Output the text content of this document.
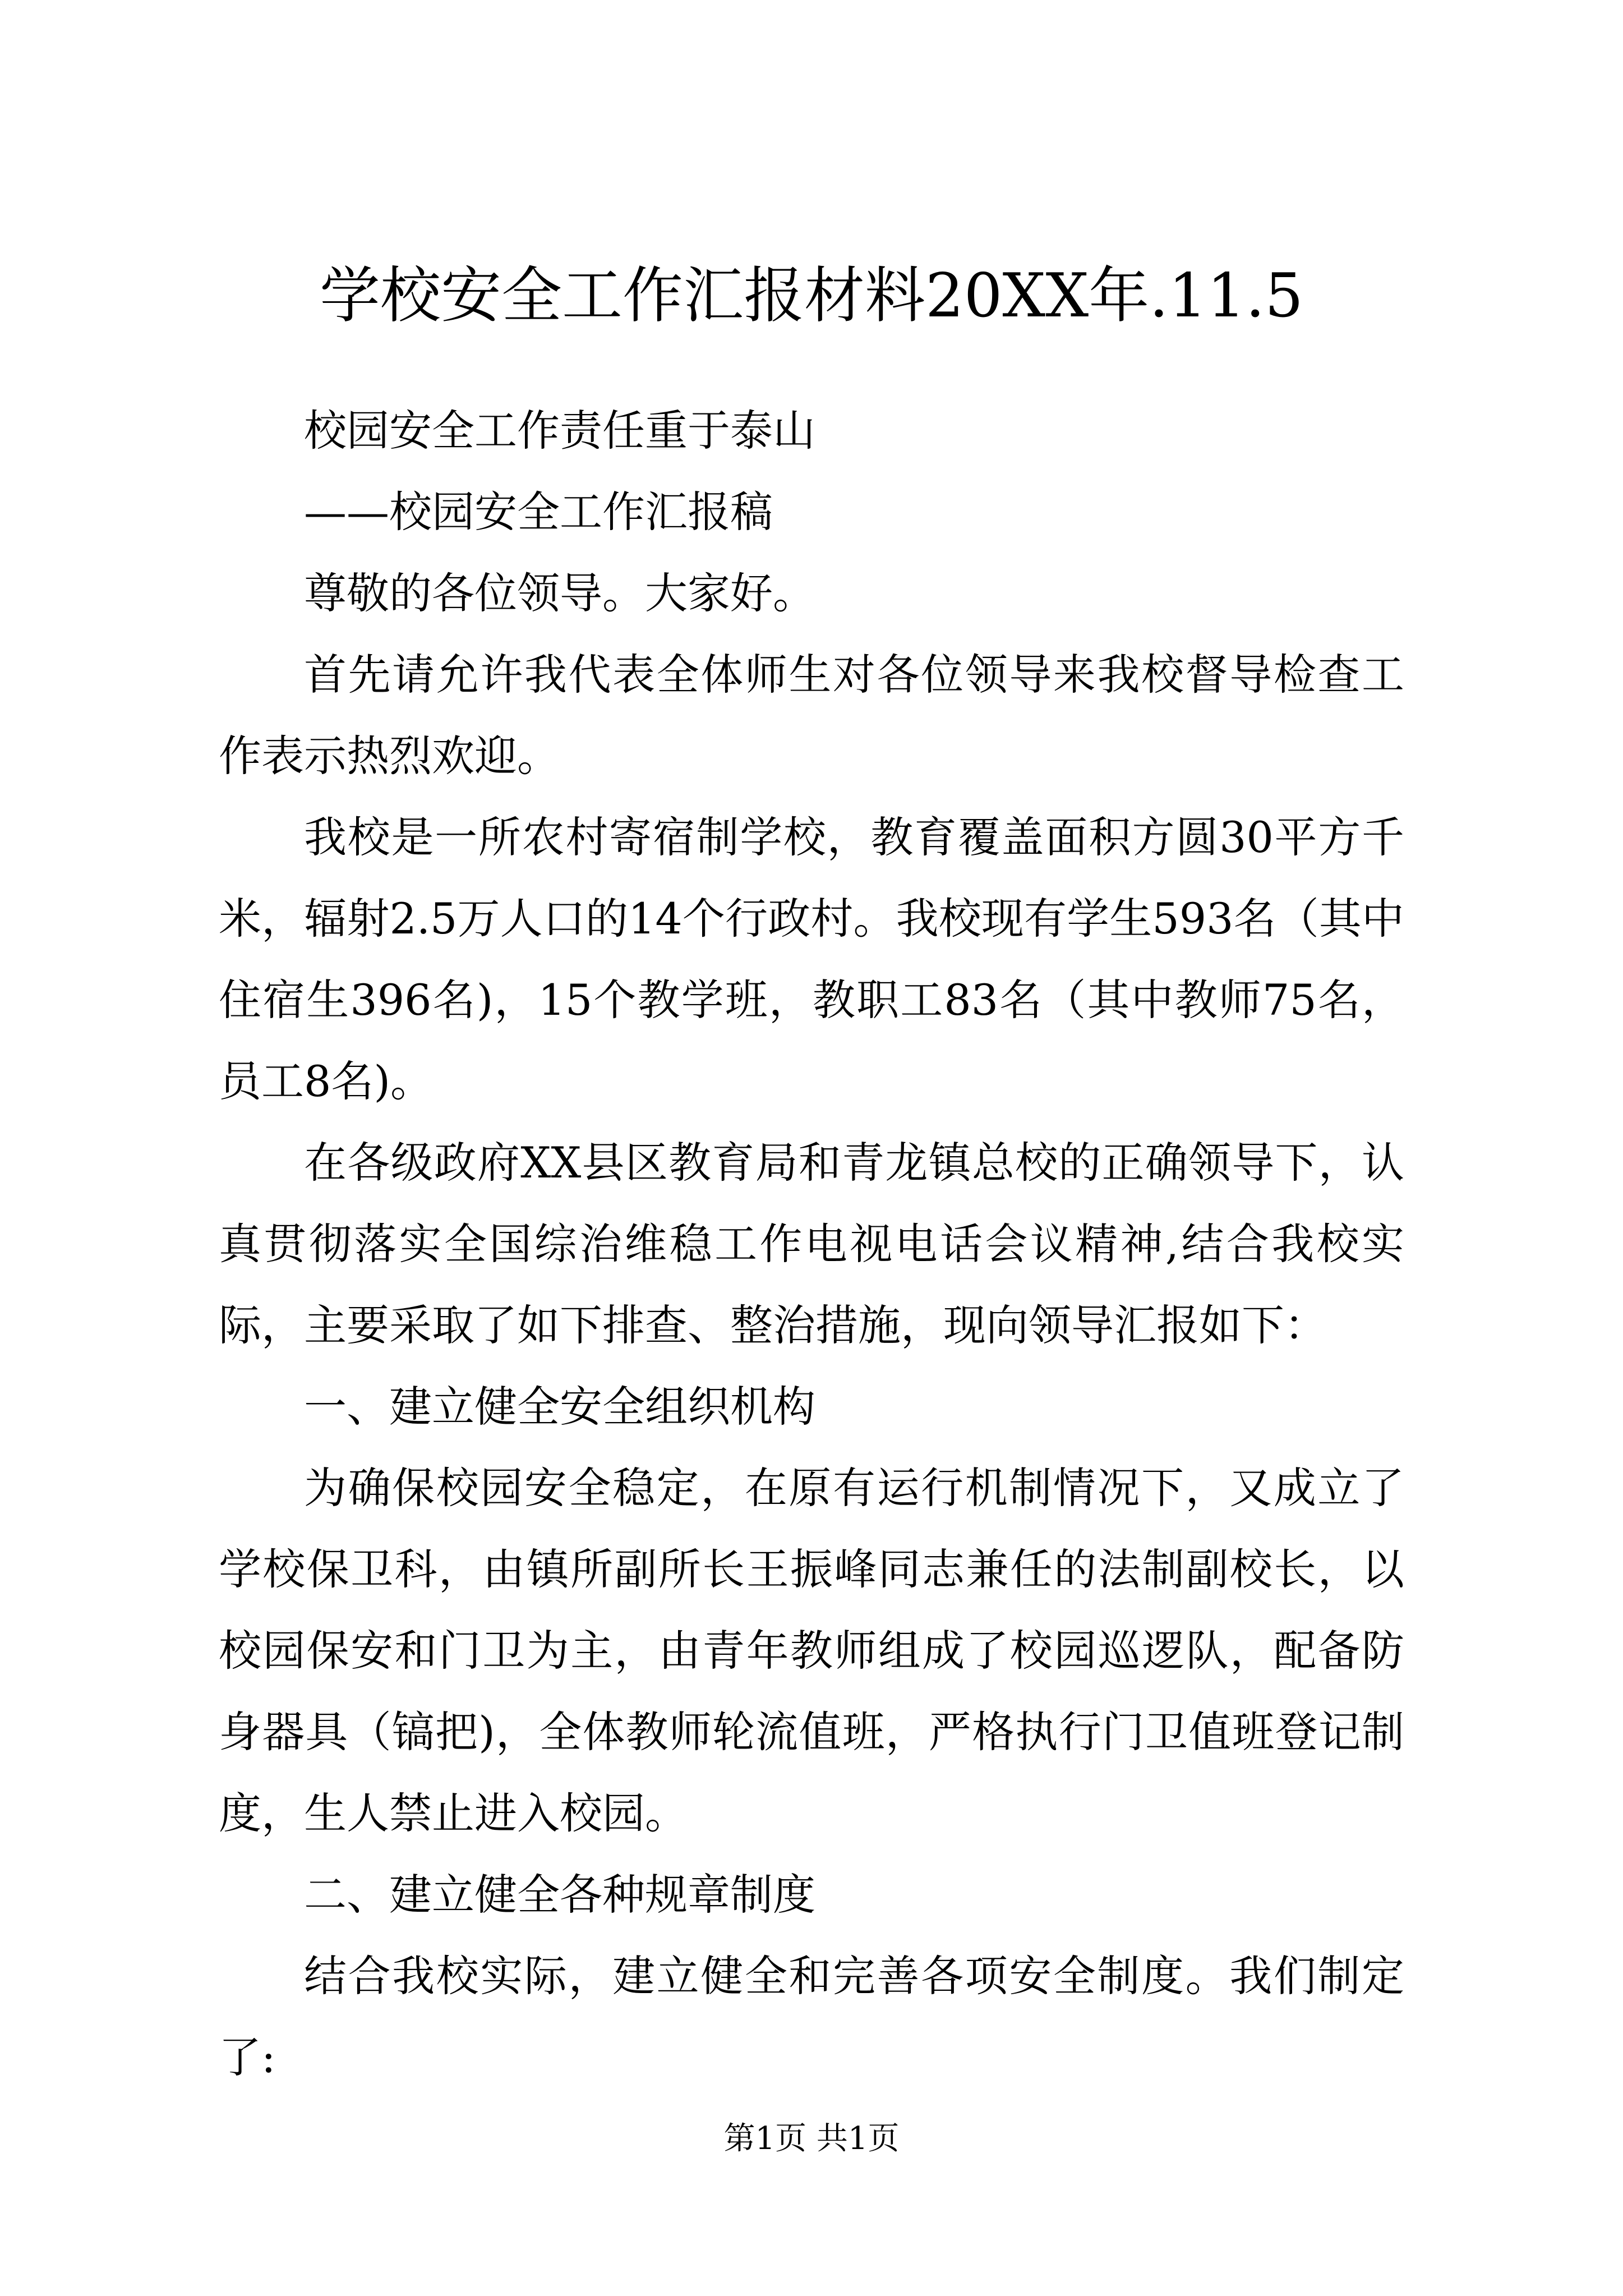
学校安全工作汇报材料20XX年.11.5

校园安全工作责任重于泰山

——校园安全工作汇报稿

尊敬的各位领导。大家好。

首先请允许我代表全体师生对各位领导来我校督导检查工作表示热烈欢迎。

我校是一所农村寄宿制学校，教育覆盖面积方圆30平方千米，辐射2.5万人口的14个行政村。我校现有学生593名（其中住宿生396名)，15个教学班，教职工83名（其中教师75名，员工8名)。

在各级政府XX县区教育局和青龙镇总校的正确领导下，认真贯彻落实全国综治维稳工作电视电话会议精神,结合我校实际，主要采取了如下排查、整治措施，现向领导汇报如下：

一、建立健全安全组织机构

为确保校园安全稳定，在原有运行机制情况下，又成立了学校保卫科，由镇所副所长王振峰同志兼任的法制副校长，以校园保安和门卫为主，由青年教师组成了校园巡逻队，配备防身器具（镐把)，全体教师轮流值班，严格执行门卫值班登记制度，生人禁止进入校园。

二、建立健全各种规章制度

结合我校实际，建立健全和完善各项安全制度。我们制定了:

第1页 共1页
